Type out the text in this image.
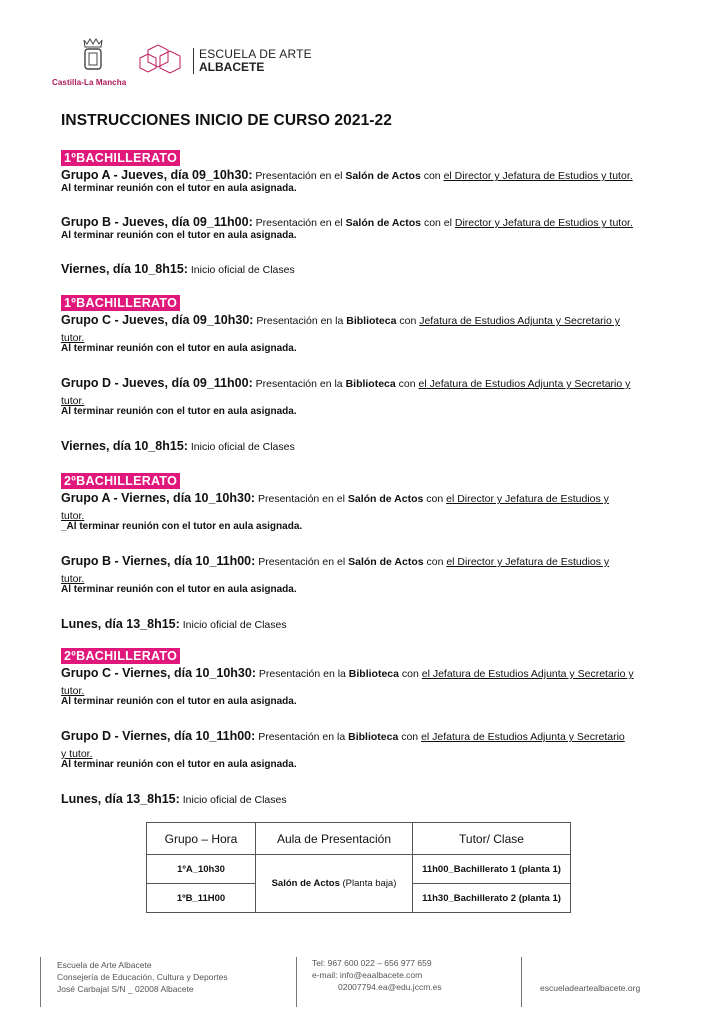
Castilla-La Mancha
ESCUELA DE ARTE
ALBACETE
INSTRUCCIONES INICIO DE CURSO 2021-22
1ºBACHILLERATO
Grupo A - Jueves, día 09_10h30: Presentación en el Salón de Actos con el Director y Jefatura de Estudios y tutor.
Al terminar reunión con el tutor en aula asignada.
Grupo B - Jueves, día 09_11h00: Presentación en el Salón de Actos con el Director y Jefatura de Estudios y tutor.
Al terminar reunión con el tutor en aula asignada.
Viernes, día 10_8h15: Inicio oficial de Clases
1ºBACHILLERATO
Grupo C - Jueves, día 09_10h30: Presentación en la Biblioteca con Jefatura de Estudios Adjunta y Secretario y
tutor.
Al terminar reunión con el tutor en aula asignada.
Grupo D - Jueves, día 09_11h00: Presentación en la Biblioteca con el Jefatura de Estudios Adjunta y Secretario y
tutor.
Al terminar reunión con el tutor en aula asignada.
Viernes, día 10_8h15: Inicio oficial de Clases
2ºBACHILLERATO
Grupo A - Viernes, día 10_10h30: Presentación en el Salón de Actos con el Director y Jefatura de Estudios y
tutor.
_Al terminar reunión con el tutor en aula asignada.
Grupo B - Viernes, día 10_11h00: Presentación en el Salón de Actos con el Director y Jefatura de Estudios y
tutor.
Al terminar reunión con el tutor en aula asignada.
Lunes, día 13_8h15: Inicio oficial de Clases
2ºBACHILLERATO
Grupo C - Viernes, día 10_10h30: Presentación en la Biblioteca con el Jefatura de Estudios Adjunta y Secretario y
tutor.
Al terminar reunión con el tutor en aula asignada.
Grupo D - Viernes, día 10_11h00: Presentación en la Biblioteca con el Jefatura de Estudios Adjunta y Secretario
y tutor.
Al terminar reunión con el tutor en aula asignada.
Lunes, día 13_8h15: Inicio oficial de Clases
Grupo – Hora	Aula de Presentación	Tutor/ Clase
1ºA_10h30	Salón de Actos (Planta baja)	11h00_Bachillerato 1 (planta 1)
1ºB_11H00		11h30_Bachillerato 2 (planta 1)
Escuela de Arte Albacete
Consejería de Educación, Cultura y Deportes
José Carbajal S/N _ 02008 Albacete
Tel: 967 600 022 – 656 977 659
e-mail: info@eaalbacete.com
02007794.ea@edu.jccm.es	escueladeartealbacete.org
